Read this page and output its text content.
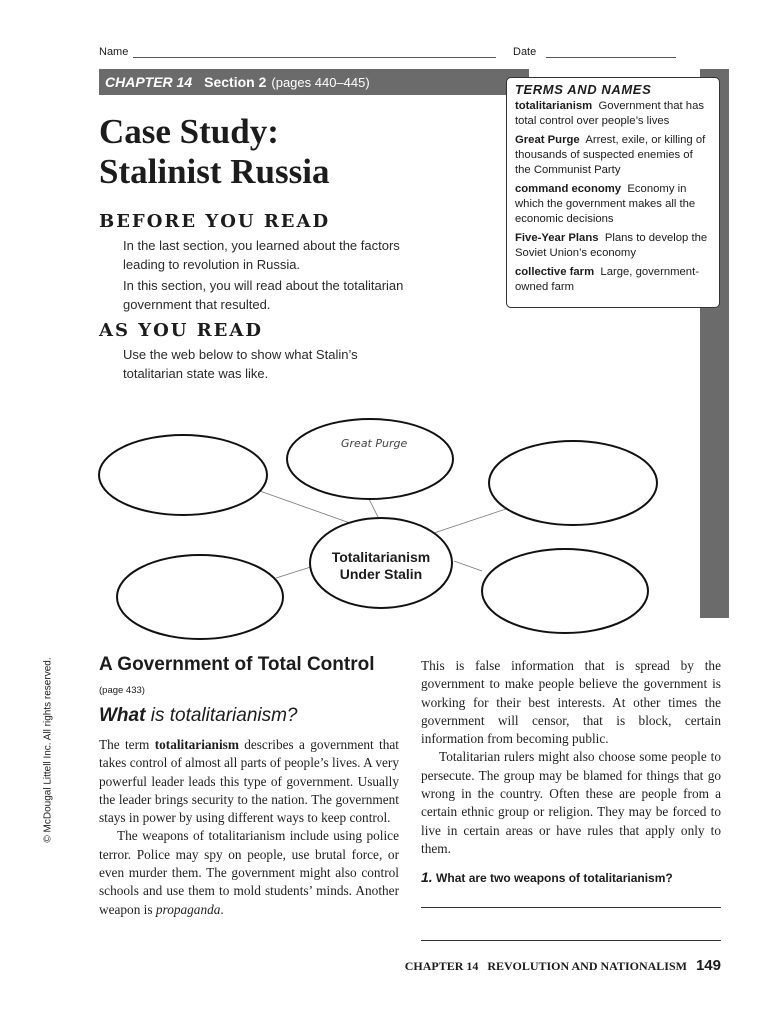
Name	Date
CHAPTER 14 Section 2 (pages 440–445)	TERMS AND NAMES
totalitarianism Government that has total control over people’s lives
Great Purge Arrest, exile, or killing of thousands of suspected enemies of the Communist Party
command economy Economy in which the government makes all the economic decisions
Five-Year Plans Plans to develop the Soviet Union’s economy
collective farm Large, government-owned farm
Case Study:
Stalinist Russia
BEFORE YOU READ
In the last section, you learned about the factors leading to revolution in Russia.
In this section, you will read about the totalitarian government that resulted.
AS YOU READ
Use the web below to show what Stalin’s totalitarian state was like.
Great Purge
Totalitarianism
Under Stalin
© McDougal Littell Inc. All rights reserved. A Government of Total Control
(page 433)
What is totalitarianism?

The term totalitarianism describes a government that takes control of almost all parts of people’s lives. A very powerful leader leads this type of government. Usually the leader brings security to the nation. The government stays in power by using different ways to keep control.

The weapons of totalitarianism include using police terror. Police may spy on people, use brutal force, or even murder them. The government might also control schools and use them to mold students’ minds. Another weapon is propaganda.

This is false information that is spread by the government to make people believe the government is working for their best interests. At other times the government will censor, that is block, certain information from becoming public.

Totalitarian rulers might also choose some people to persecute. The group may be blamed for things that go wrong in the country. Often these are people from a certain ethnic group or religion. They may be forced to live in certain areas or have rules that apply only to them.

1. What are two weapons of totalitarianism?
CHAPTER 14 REVOLUTION AND NATIONALISM 149
